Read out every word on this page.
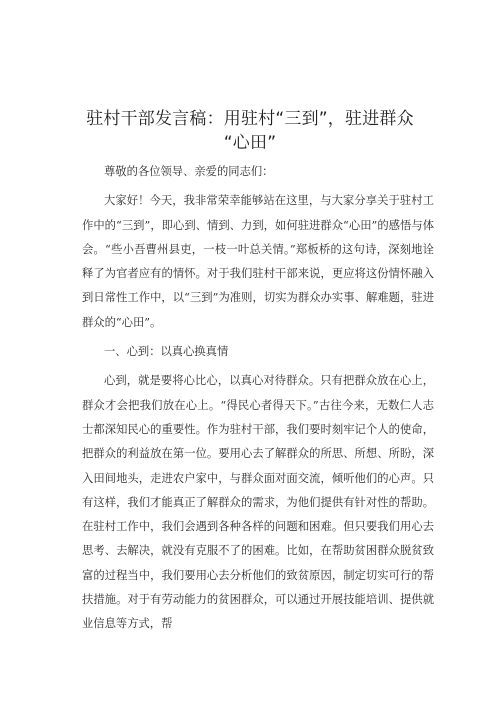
驻村干部发言稿：用驻村“三到”，驻进群众
“心田”

尊敬的各位领导、亲爱的同志们：

大家好！今天，我非常荣幸能够站在这里，与大家分享关于驻村工作中的“三到”，即心到、情到、力到，如何驻进群众“心田”的感悟与体会。“些小吾曹州县吏，一枝一叶总关情。”郑板桥的这句诗，深刻地诠释了为官者应有的情怀。对于我们驻村干部来说，更应将这份情怀融入到日常性工作中，以“三到”为准则，切实为群众办实事、解难题，驻进群众的“心田”。

一、心到：以真心换真情

心到，就是要将心比心，以真心对待群众。只有把群众放在心上，群众才会把我们放在心上。“得民心者得天下。”古往今来，无数仁人志士都深知民心的重要性。作为驻村干部，我们要时刻牢记个人的使命，把群众的利益放在第一位。要用心去了解群众的所思、所想、所盼，深入田间地头，走进农户家中，与群众面对面交流，倾听他们的心声。只有这样，我们才能真正了解群众的需求，为他们提供有针对性的帮助。在驻村工作中，我们会遇到各种各样的问题和困难。但只要我们用心去思考、去解决，就没有克服不了的困难。比如，在帮助贫困群众脱贫致富的过程当中，我们要用心去分析他们的致贫原因，制定切实可行的帮扶措施。对于有劳动能力的贫困群众，可以通过开展技能培训、提供就业信息等方式，帮
